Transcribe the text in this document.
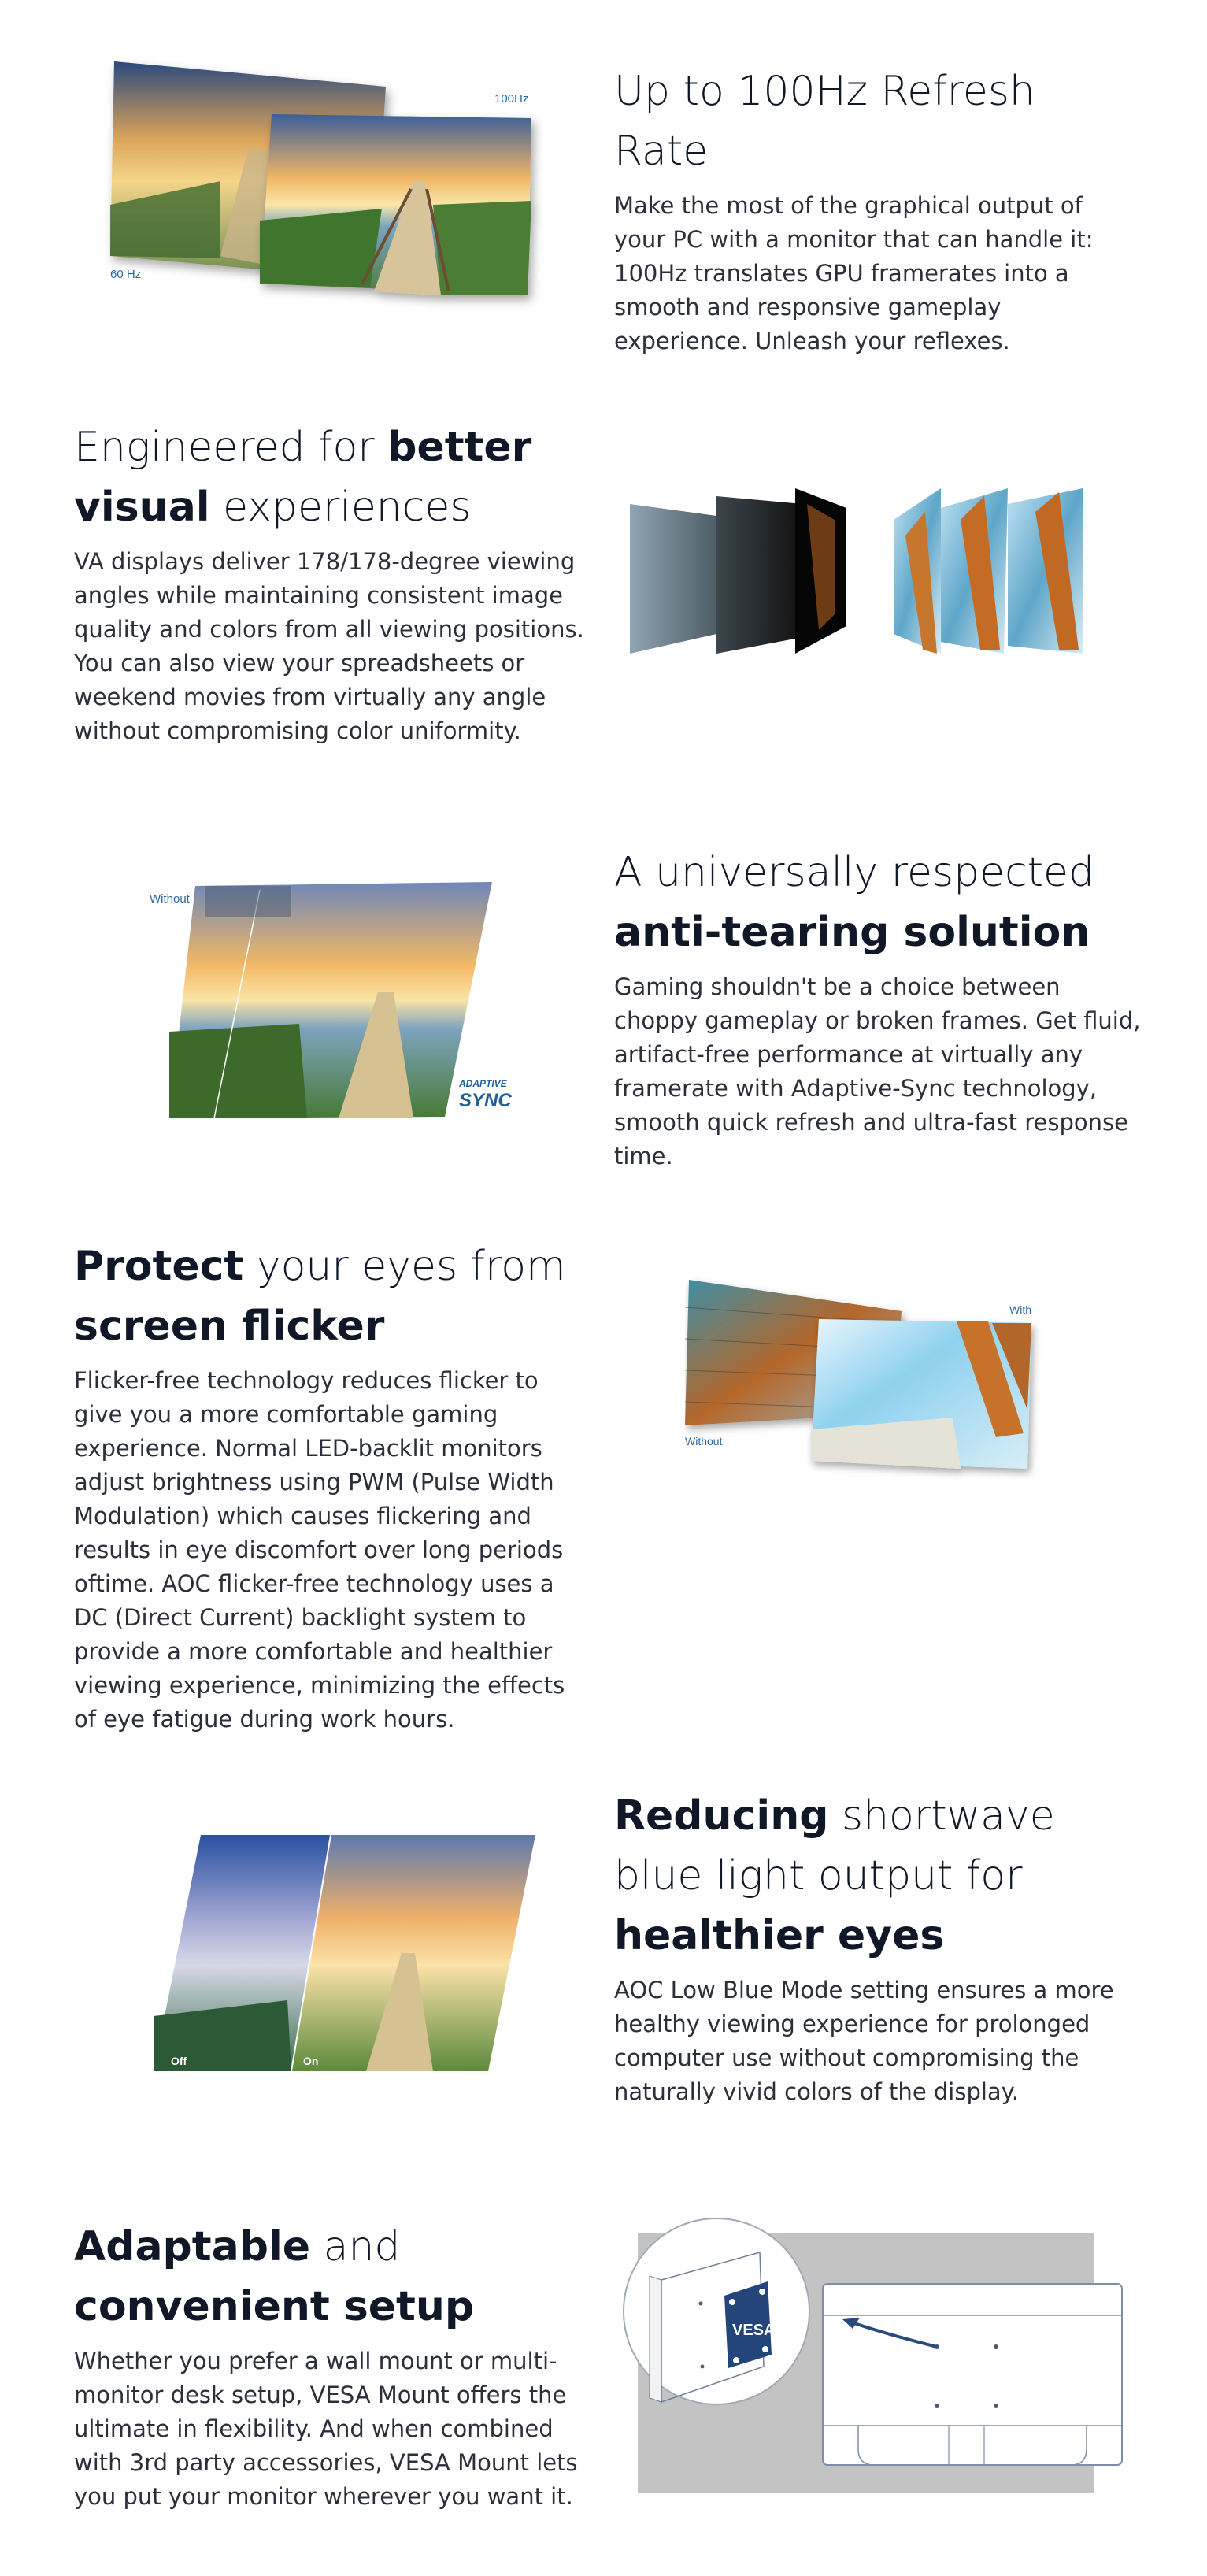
100Hz
60 Hz
Up to 100Hz Refresh Rate

Make the most of the graphical output of your PC with a monitor that can handle it: 100Hz translates GPU framerates into a smooth and responsive gameplay experience. Unleash your reflexes.

Engineered for better visual experiences

VA displays deliver 178/178-degree viewing angles while maintaining consistent image quality and colors from all viewing positions. You can also view your spreadsheets or weekend movies from virtually any angle without compromising color uniformity.

Without
ADAPTIVE
SYNC
A universally respected anti-tearing solution

Gaming shouldn't be a choice between choppy gameplay or broken frames. Get fluid, artifact-free performance at virtually any framerate with Adaptive-Sync technology, smooth quick refresh and ultra-fast response time.

Protect your eyes from screen flicker

Flicker-free technology reduces flicker to give you a more comfortable gaming experience. Normal LED-backlit monitors adjust brightness using PWM (Pulse Width Modulation) which causes flickering and results in eye discomfort over long periods oftime. AOC flicker-free technology uses a DC (Direct Current) backlight system to provide a more comfortable and healthier viewing experience, minimizing the effects of eye fatigue during work hours.

With
Without
Off	On
Reducing shortwave blue light output for healthier eyes

AOC Low Blue Mode setting ensures a more healthy viewing experience for prolonged computer use without compromising the naturally vivid colors of the display.

Adaptable and convenient setup

Whether you prefer a wall mount or multi-monitor desk setup, VESA Mount offers the ultimate in flexibility. And when combined with 3rd party accessories, VESA Mount lets you put your monitor wherever you want it.

VESA
